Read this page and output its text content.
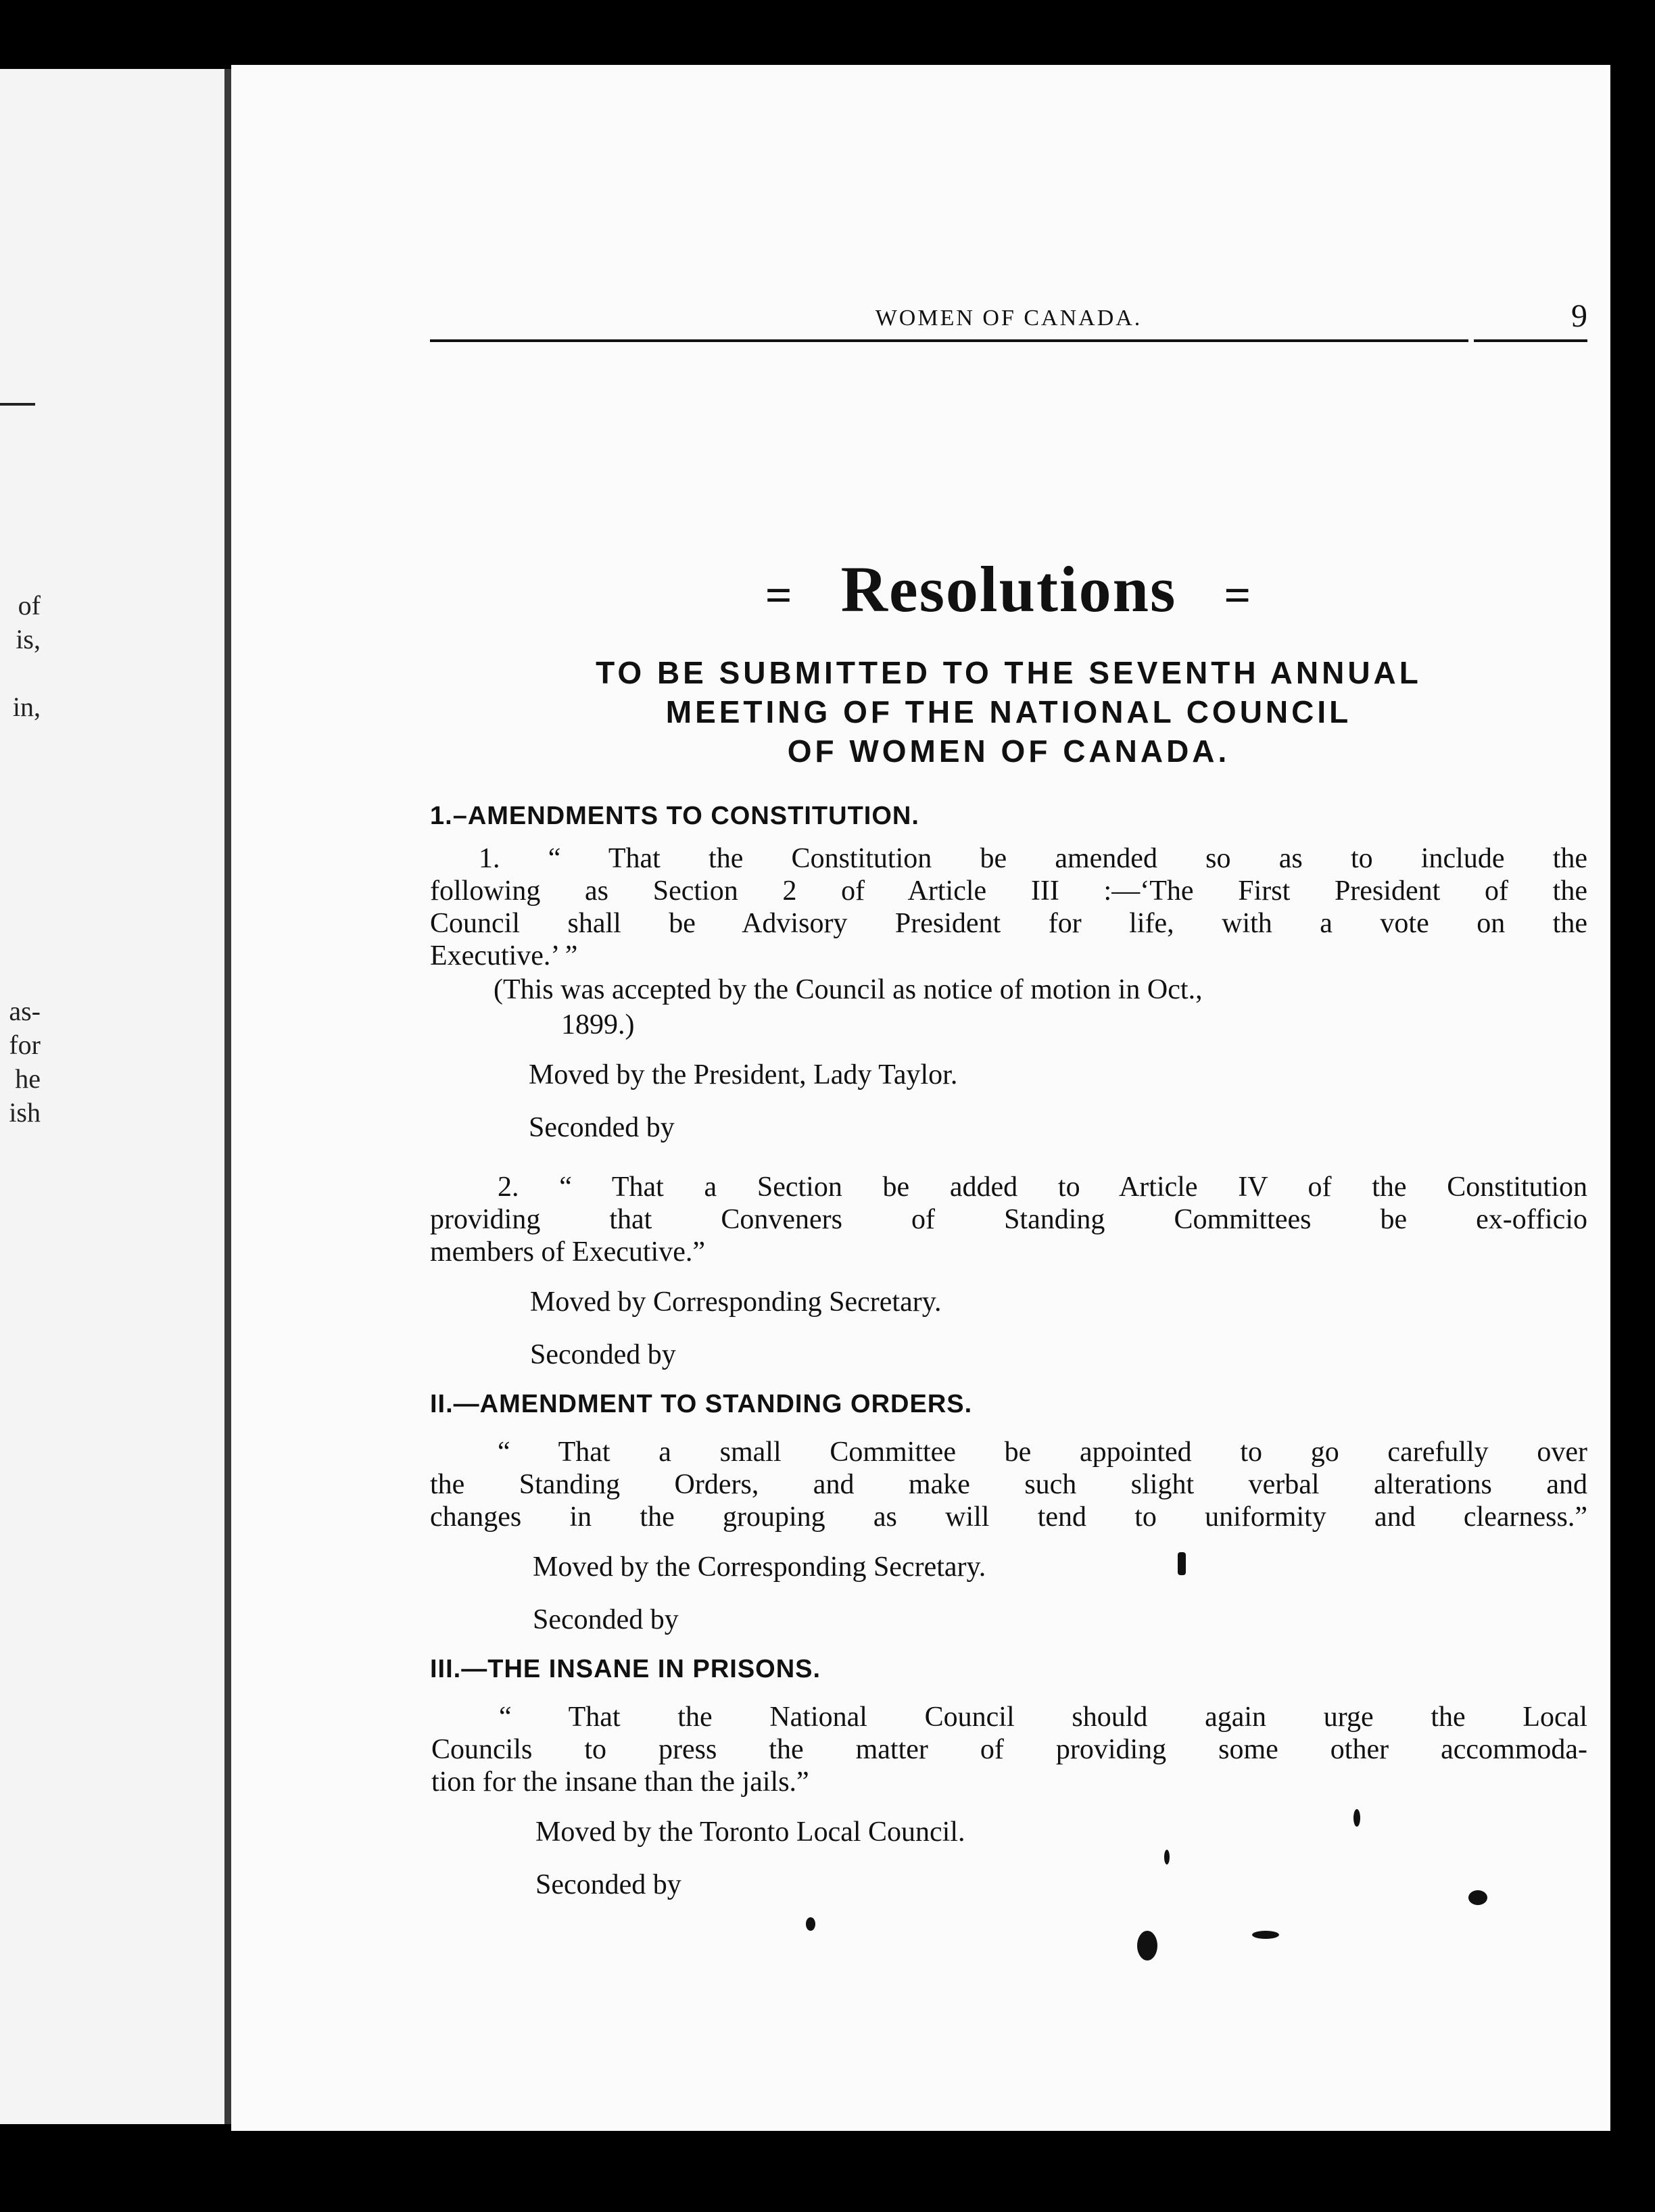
of
is,
in,
as-
for
he
ish
WOMEN OF CANADA.	9
= Resolutions =
TO BE SUBMITTED TO THE SEVENTH ANNUAL
MEETING OF THE NATIONAL COUNCIL
OF WOMEN OF CANADA.
1.–AMENDMENTS TO CONSTITUTION.
1. “ That the Constitution be amended so as to include the
following as Section 2 of Article III :—‘The First President of the
Council shall be Advisory President for life, with a vote on the
Executive.’ ”
(This was accepted by the Council as notice of motion in Oct.,
1899.)
Moved by the President, Lady Taylor.
Seconded by
2. “ That a Section be added to Article IV of the Constitution
providing that Conveners of Standing Committees be ex-officio
members of Executive.”
Moved by Corresponding Secretary.
Seconded by
II.—AMENDMENT TO STANDING ORDERS.
“ That a small Committee be appointed to go carefully over
the Standing Orders, and make such slight verbal alterations and
changes in the grouping as will tend to uniformity and clearness.”
Moved by the Corresponding Secretary.
Seconded by
III.—THE INSANE IN PRISONS.
“ That the National Council should again urge the Local
Councils to press the matter of providing some other accommoda-
tion for the insane than the jails.”
Moved by the Toronto Local Council.
Seconded by
